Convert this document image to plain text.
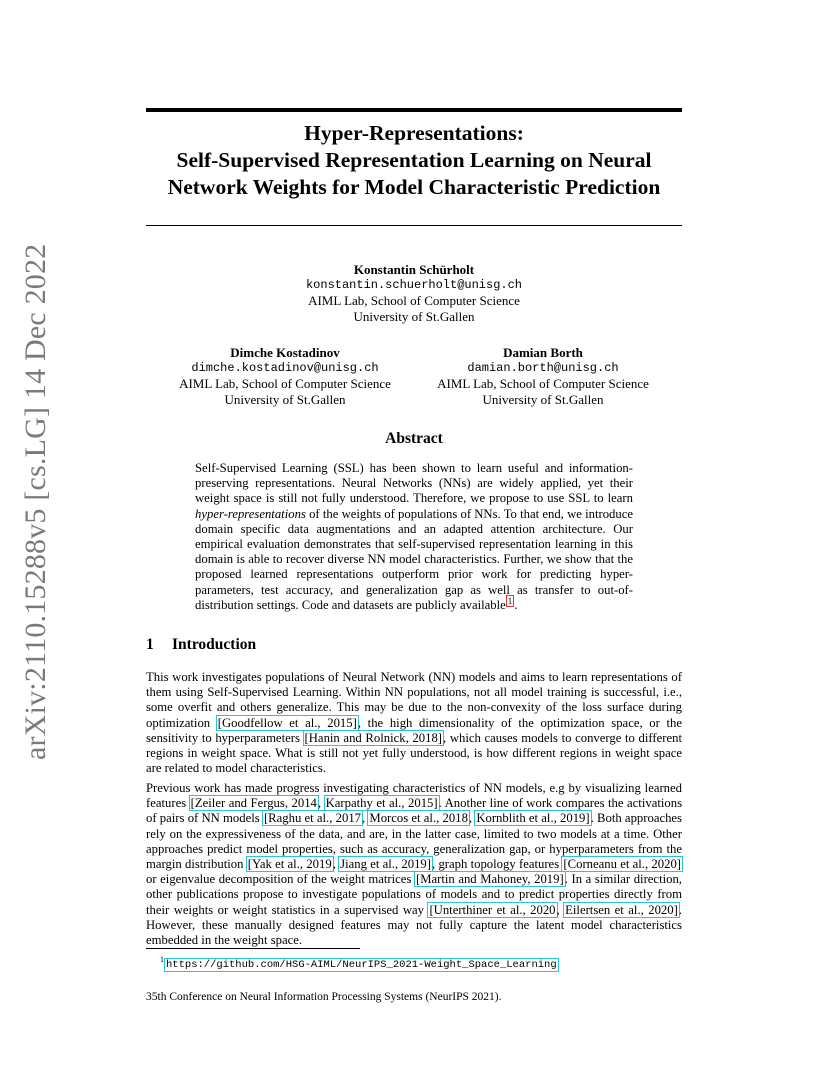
arXiv:2110.15288v5 [cs.LG] 14 Dec 2022
Hyper-Representations:
Self-Supervised Representation Learning on Neural
Network Weights for Model Characteristic Prediction
Konstantin Schürholt
konstantin.schuerholt@unisg.ch
AIML Lab, School of Computer Science
University of St.Gallen
Dimche Kostadinov
dimche.kostadinov@unisg.ch
AIML Lab, School of Computer Science
University of St.Gallen
Damian Borth
damian.borth@unisg.ch
AIML Lab, School of Computer Science
University of St.Gallen
Abstract
Self-Supervised Learning (SSL) has been shown to learn useful and information-preserving representations. Neural Networks (NNs) are widely applied, yet their weight space is still not fully understood. Therefore, we propose to use SSL to learn hyper-representations of the weights of populations of NNs. To that end, we introduce domain specific data augmentations and an adapted attention architecture. Our empirical evaluation demonstrates that self-supervised representation learning in this domain is able to recover diverse NN model characteristics. Further, we show that the proposed learned representations outperform prior work for predicting hyper-parameters, test accuracy, and generalization gap as well as transfer to out-of-distribution settings. Code and datasets are publicly available $^1$ .
1 Introduction
This work investigates populations of Neural Network (NN) models and aims to learn representations of them using Self-Supervised Learning. Within NN populations, not all model training is successful, i.e., some overfit and others generalize. This may be due to the non-convexity of the loss surface during optimization [Goodfellow et al., 2015], the high dimensionality of the optimization space, or the sensitivity to hyperparameters [Hanin and Rolnick, 2018], which causes models to converge to different regions in weight space. What is still not yet fully understood, is how different regions in weight space are related to model characteristics.
Previous work has made progress investigating characteristics of NN models, e.g by visualizing learned features [Zeiler and Fergus, 2014, Karpathy et al., 2015]. Another line of work compares the activations of pairs of NN models [Raghu et al., 2017, Morcos et al., 2018, Kornblith et al., 2019]. Both approaches rely on the expressiveness of the data, and are, in the latter case, limited to two models at a time. Other approaches predict model properties, such as accuracy, generalization gap, or hyperparameters from the margin distribution [Yak et al., 2019, Jiang et al., 2019], graph topology features [Corneanu et al., 2020] or eigenvalue decomposition of the weight matrices [Martin and Mahoney, 2019]. In a similar direction, other publications propose to investigate populations of models and to predict properties directly from their weights or weight statistics in a supervised way [Unterthiner et al., 2020, Eilertsen et al., 2020]. However, these manually designed features may not fully capture the latent model characteristics embedded in the weight space.
$^1$ https://github.com/HSG-AIML/NeurIPS_2021-Weight_Space_Learning
35th Conference on Neural Information Processing Systems (NeurIPS 2021).
